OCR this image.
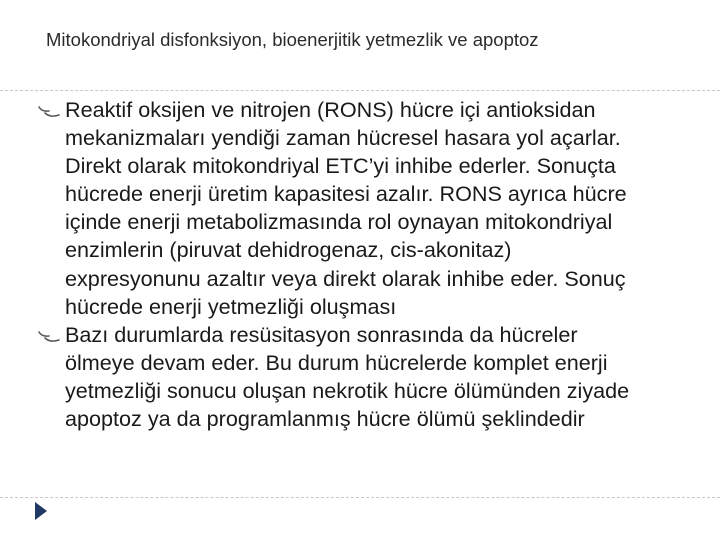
Mitokondriyal disfonksiyon, bioenerjitik yetmezlik ve apoptoz
Reaktif oksijen ve nitrojen (RONS) hücre içi antioksidan mekanizmaları yendiği zaman hücresel hasara yol açarlar. Direkt olarak mitokondriyal ETC’yi inhibe ederler. Sonuçta hücrede enerji üretim kapasitesi azalır. RONS ayrıca hücre içinde enerji metabolizmasında rol oynayan mitokondriyal enzimlerin (piruvat dehidrogenaz, cis-akonitaz) expresyonunu azaltır veya direkt olarak inhibe eder. Sonuç hücrede enerji yetmezliği oluşması
Bazı durumlarda resüsitasyon sonrasında da hücreler ölmeye devam eder. Bu durum hücrelerde komplet enerji yetmezliği sonucu oluşan nekrotik hücre ölümünden ziyade apoptoz ya da programlanmış hücre ölümü şeklindedir
